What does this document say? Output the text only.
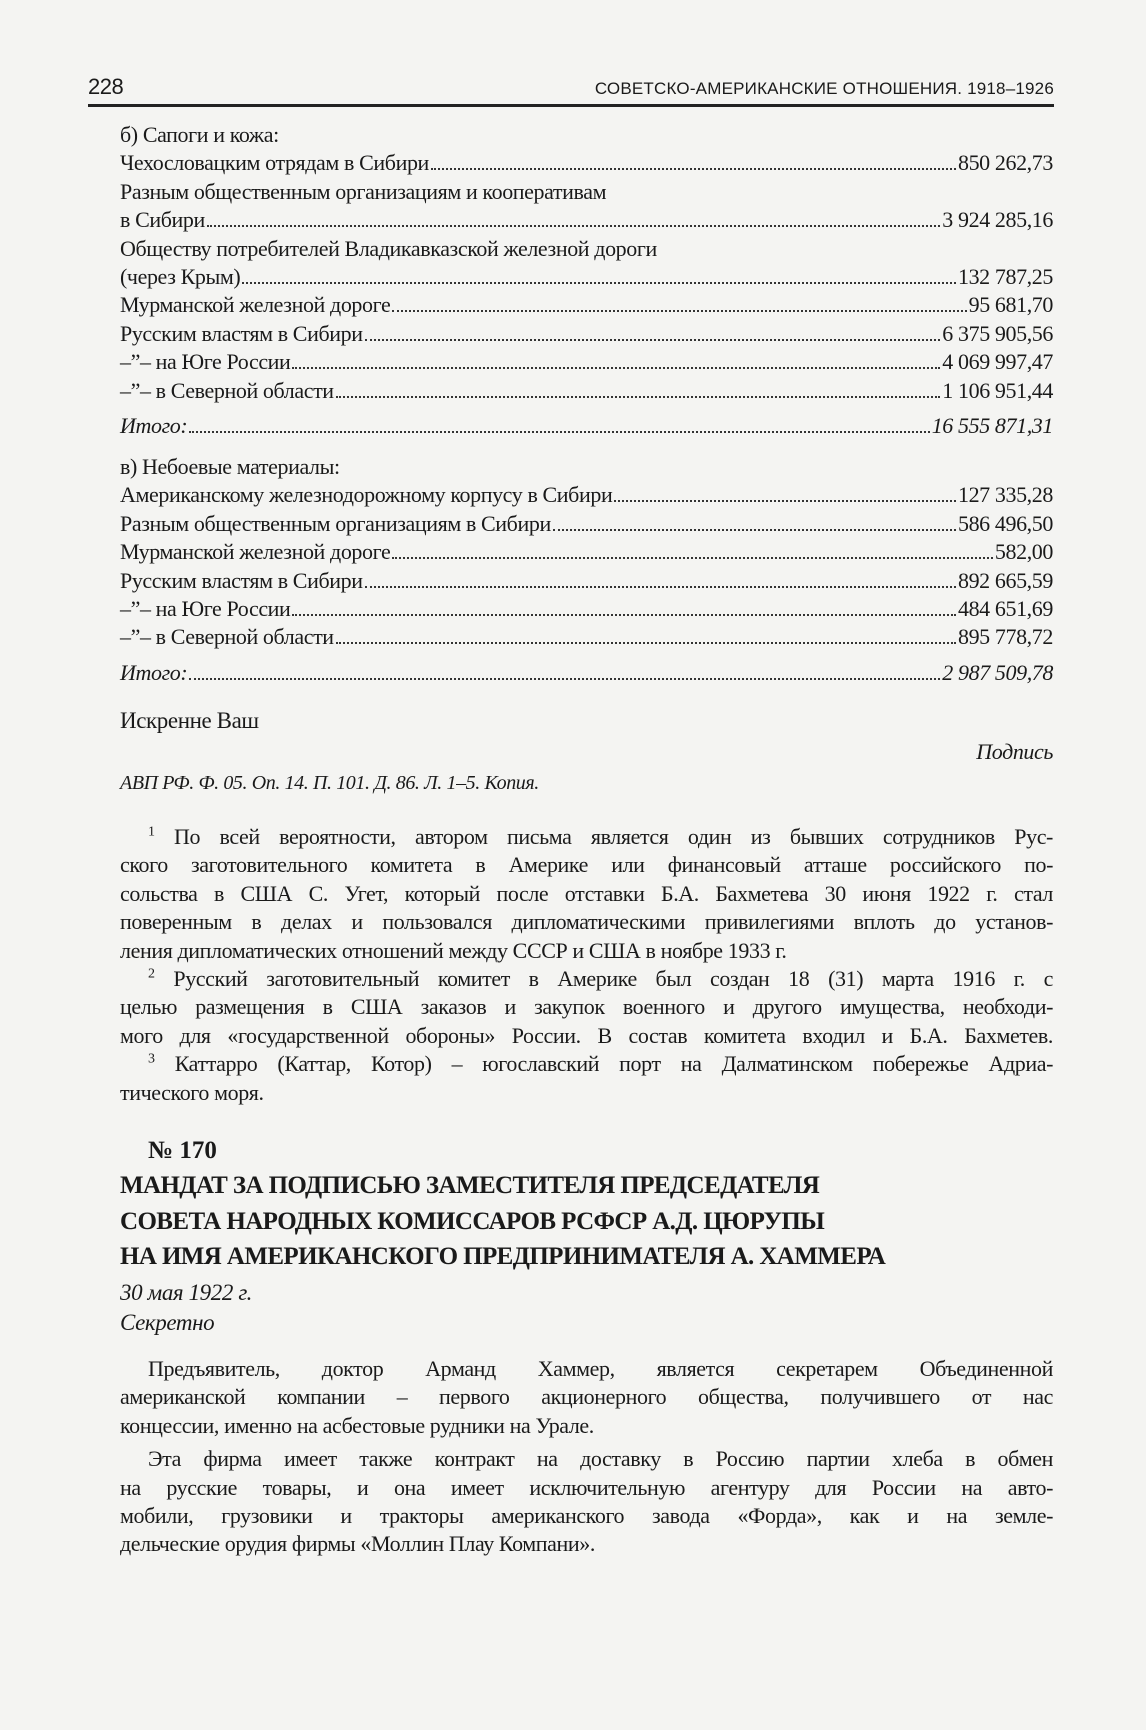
228	СОВЕТСКО-АМЕРИКАНСКИЕ ОТНОШЕНИЯ. 1918–1926
б) Сапоги и кожа:
Чехословацким отрядам в Сибири	850 262,73
Разным общественным организациям и кооперативам
в Сибири	3 924 285,16
Обществу потребителей Владикавказской железной дороги
(через Крым)	132 787,25
Мурманской железной дороге	95 681,70
Русским властям в Сибири	6 375 905,56
–”– на Юге России	4 069 997,47
–”– в Северной области	1 106 951,44
Итого:	16 555 871,31
в) Небоевые материалы:
Американскому железнодорожному корпусу в Сибири	127 335,28
Разным общественным организациям в Сибири	586 496,50
Мурманской железной дороге	582,00
Русским властям в Сибири	892 665,59
–”– на Юге России	484 651,69
–”– в Северной области	895 778,72
Итого:	2 987 509,78
Искренне Ваш
Подпись
АВП РФ. Ф. 05. Оп. 14. П. 101. Д. 86. Л. 1–5. Копия.
$^1$ По всей вероятности, автором письма является один из бывших сотрудников Рус-
ского заготовительного комитета в Америке или финансовый атташе российского по-
сольства в США С. Угет, который после отставки Б.А. Бахметева 30 июня 1922 г. стал
поверенным в делах и пользовался дипломатическими привилегиями вплоть до установ-
ления дипломатических отношений между СССР и США в ноябре 1933 г.
$^2$ Русский заготовительный комитет в Америке был создан 18 (31) марта 1916 г. с
целью размещения в США заказов и закупок военного и другого имущества, необходи-
мого для «государственной обороны» России. В состав комитета входил и Б.А. Бахметев.
$^3$ Каттарро (Каттар, Котор) – югославский порт на Далматинском побережье Адриа-
тического моря.
№ 170
МАНДАТ ЗА ПОДПИСЬЮ ЗАМЕСТИТЕЛЯ ПРЕДСЕДАТЕЛЯ
СОВЕТА НАРОДНЫХ КОМИССАРОВ РСФСР А.Д. ЦЮРУПЫ
НА ИМЯ АМЕРИКАНСКОГО ПРЕДПРИНИМАТЕЛЯ А. ХАММЕРА
30 мая 1922 г.
Секретно
Предъявитель, доктор Арманд Хаммер, является секретарем Объединенной
американской компании – первого акционерного общества, получившего от нас
концессии, именно на асбестовые рудники на Урале.
Эта фирма имеет также контракт на доставку в Россию партии хлеба в обмен
на русские товары, и она имеет исключительную агентуру для России на авто-
мобили, грузовики и тракторы американского завода «Форда», как и на земле-
дельческие орудия фирмы «Моллин Плау Компани».
